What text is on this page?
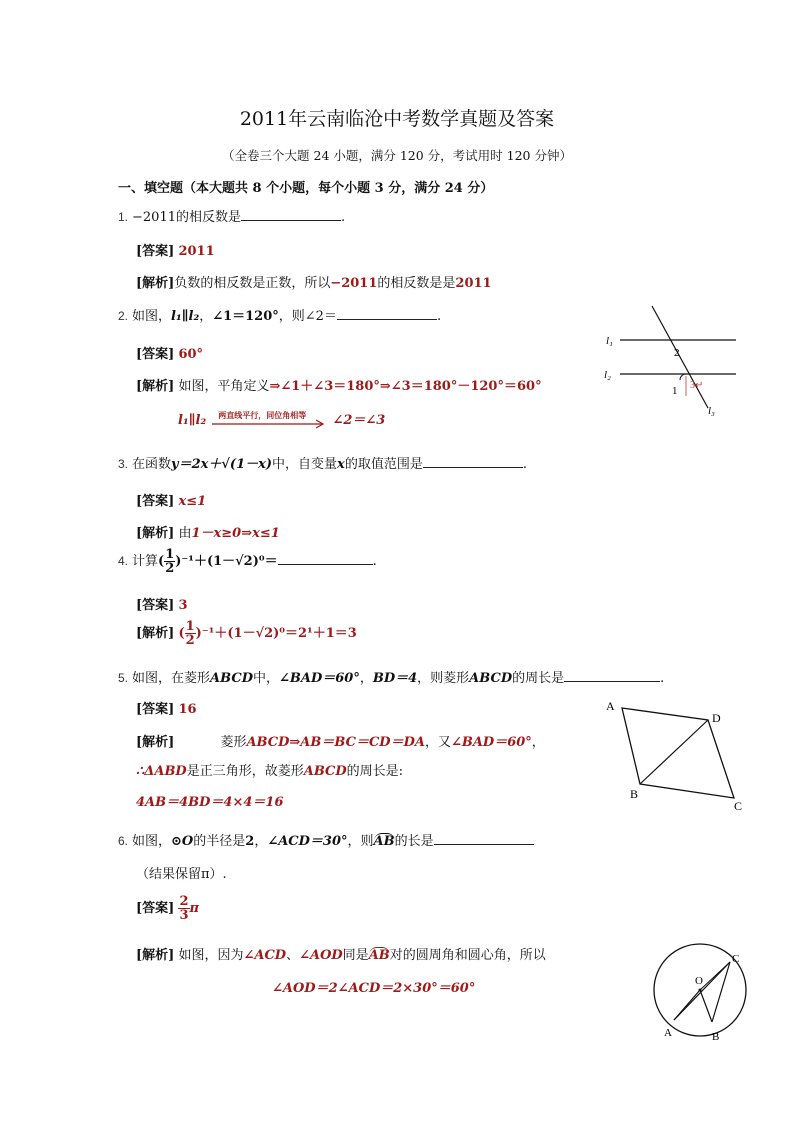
2011年云南临沧中考数学真题及答案
（全卷三个大题 24 小题，满分 120 分，考试用时 120 分钟）
一、填空题（本大题共 8 个小题，每个小题 3 分，满分 24 分）
1. −2011的相反数是	.
[答案] 2011
[解析]负数的相反数是正数，所以−2011的相反数是是2011
2. 如图，l₁∥l₂，∠1＝120°，则∠2＝	.
[答案] 60°
[解析] 如图，平角定义⇒∠1＋∠3＝180°⇒∠3＝180°－120°＝60°
l₁∥l₂ 两直线平行，同位角相等 ∠2＝∠3
l₁
l₂
l₃
2
1 3↵
3. 在函数y＝2x＋√(1－x)中，自变量x的取值范围是	.
[答案] x≤1
[解析] 由1－x≥0⇒x≤1
4. 计算( $\frac{1}{2} )^{-1}+(1-√2)^0=$	.
[答案] 3
[解析] ( $\frac{1}{2} )^{-1}+(1-√2)^0=2^1+1=3$
5. 如图，在菱形ABCD中，∠BAD＝60°，BD＝4，则菱形ABCD的周长是	.
[答案] 16
[解析]	菱形ABCD⇒AB＝BC＝CD＝DA，又∠BAD＝60°，
∴ΔABD是正三角形，故菱形ABCD的周长是:
4AB＝4BD＝4×4＝16
A
D
B
C
6. 如图，⊙O的半径是2，∠ACD＝30°，则AB的长是
（结果保留π）.
[答案] $\frac{2}{3}$ π
[解析] 如图，因为∠ACD、∠AOD同是AB对的圆周角和圆心角，所以
∠AOD＝2∠ACD＝2×30°＝60°	O
A	B
C
